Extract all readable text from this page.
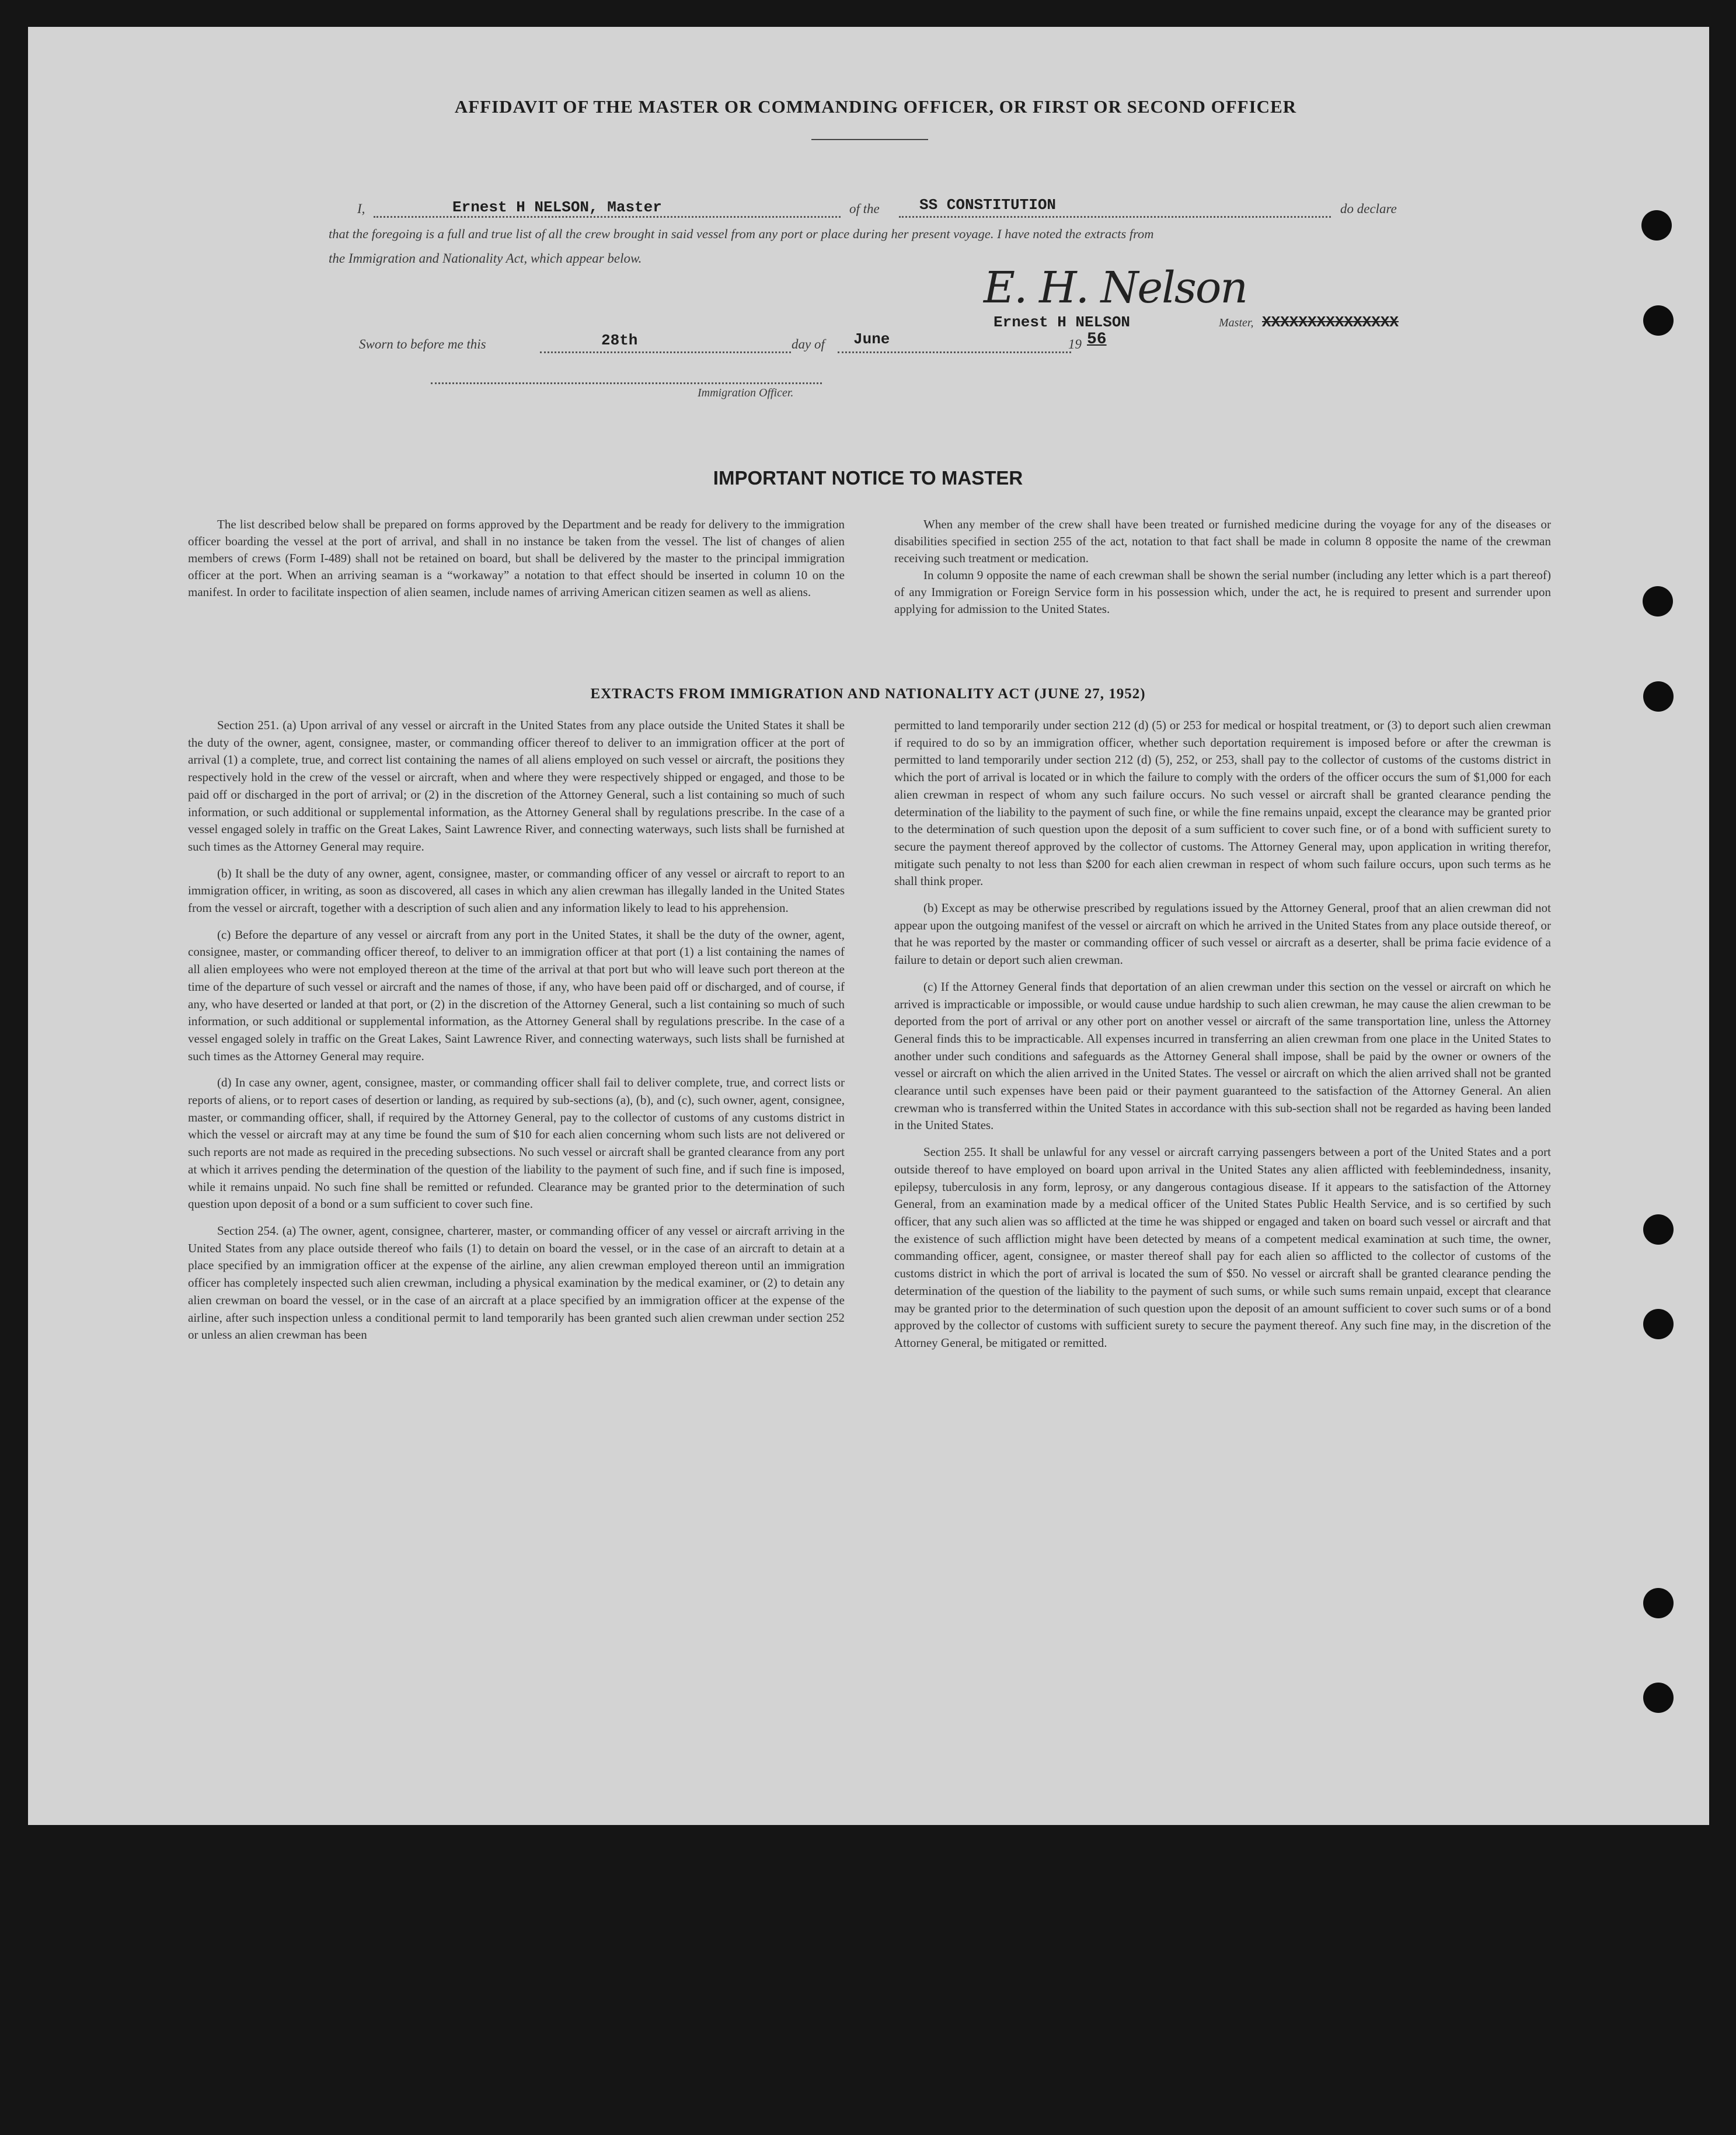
AFFIDAVIT OF THE MASTER OR COMMANDING OFFICER, OR FIRST OR SECOND OFFICER
I,	Ernest H NELSON, Master	of the	SS CONSTITUTION	do declare
that the foregoing is a full and true list of all the crew brought in said vessel from any port or place during her present voyage. I have noted the extracts from
the Immigration and Nationality Act, which appear below.
E. H. Nelson
Ernest H NELSON	Master, XXXXXXXXXXXXXXX
Sworn to before me this	28th	day of June	19 56
Immigration Officer.
IMPORTANT NOTICE TO MASTER

The list described below shall be prepared on forms approved by the Department and be ready for delivery to the immigration officer boarding the vessel at the port of arrival, and shall in no instance be taken from the vessel. The list of changes of alien members of crews (Form I-489) shall not be retained on board, but shall be delivered by the master to the principal immigration officer at the port. When an arriving seaman is a “workaway” a notation to that effect should be inserted in column 10 on the manifest. In order to facilitate inspection of alien seamen, include names of arriving American citizen seamen as well as aliens.

When any member of the crew shall have been treated or furnished medicine during the voyage for any of the diseases or disabilities specified in section 255 of the act, notation to that fact shall be made in column 8 opposite the name of the crewman receiving such treatment or medication.

In column 9 opposite the name of each crewman shall be shown the serial number (including any letter which is a part thereof) of any Immigration or Foreign Service form in his possession which, under the act, he is required to present and surrender upon applying for admission to the United States.

EXTRACTS FROM IMMIGRATION AND NATIONALITY ACT (JUNE 27, 1952)

Section 251. (a) Upon arrival of any vessel or aircraft in the United States from any place outside the United States it shall be the duty of the owner, agent, consignee, master, or commanding officer thereof to deliver to an immigration officer at the port of arrival (1) a complete, true, and correct list containing the names of all aliens employed on such vessel or aircraft, the positions they respectively hold in the crew of the vessel or aircraft, when and where they were respectively shipped or engaged, and those to be paid off or discharged in the port of arrival; or (2) in the discretion of the Attorney General, such a list containing so much of such information, or such additional or supplemental information, as the Attorney General shall by regulations prescribe. In the case of a vessel engaged solely in traffic on the Great Lakes, Saint Lawrence River, and connecting waterways, such lists shall be furnished at such times as the Attorney General may require.

(b) It shall be the duty of any owner, agent, consignee, master, or commanding officer of any vessel or aircraft to report to an immigration officer, in writing, as soon as discovered, all cases in which any alien crewman has illegally landed in the United States from the vessel or aircraft, together with a description of such alien and any information likely to lead to his apprehension.

(c) Before the departure of any vessel or aircraft from any port in the United States, it shall be the duty of the owner, agent, consignee, master, or commanding officer thereof, to deliver to an immigration officer at that port (1) a list containing the names of all alien employees who were not employed thereon at the time of the arrival at that port but who will leave such port thereon at the time of the departure of such vessel or aircraft and the names of those, if any, who have been paid off or discharged, and of course, if any, who have deserted or landed at that port, or (2) in the discretion of the Attorney General, such a list containing so much of such information, or such additional or supplemental information, as the Attorney General shall by regulations prescribe. In the case of a vessel engaged solely in traffic on the Great Lakes, Saint Lawrence River, and connecting waterways, such lists shall be furnished at such times as the Attorney General may require.

(d) In case any owner, agent, consignee, master, or commanding officer shall fail to deliver complete, true, and correct lists or reports of aliens, or to report cases of desertion or landing, as required by sub-sections (a), (b), and (c), such owner, agent, consignee, master, or commanding officer, shall, if required by the Attorney General, pay to the collector of customs of any customs district in which the vessel or aircraft may at any time be found the sum of $10 for each alien concerning whom such lists are not delivered or such reports are not made as required in the preceding subsections. No such vessel or aircraft shall be granted clearance from any port at which it arrives pending the determination of the question of the liability to the payment of such fine, and if such fine is imposed, while it remains unpaid. No such fine shall be remitted or refunded. Clearance may be granted prior to the determination of such question upon deposit of a bond or a sum sufficient to cover such fine.

Section 254. (a) The owner, agent, consignee, charterer, master, or commanding officer of any vessel or aircraft arriving in the United States from any place outside thereof who fails (1) to detain on board the vessel, or in the case of an aircraft to detain at a place specified by an immigration officer at the expense of the airline, any alien crewman employed thereon until an immigration officer has completely inspected such alien crewman, including a physical examination by the medical examiner, or (2) to detain any alien crewman on board the vessel, or in the case of an aircraft at a place specified by an immigration officer at the expense of the airline, after such inspection unless a conditional permit to land temporarily has been granted such alien crewman under section 252 or unless an alien crewman has been

permitted to land temporarily under section 212 (d) (5) or 253 for medical or hospital treatment, or (3) to deport such alien crewman if required to do so by an immigration officer, whether such deportation requirement is imposed before or after the crewman is permitted to land temporarily under section 212 (d) (5), 252, or 253, shall pay to the collector of customs of the customs district in which the port of arrival is located or in which the failure to comply with the orders of the officer occurs the sum of $1,000 for each alien crewman in respect of whom any such failure occurs. No such vessel or aircraft shall be granted clearance pending the determination of the liability to the payment of such fine, or while the fine remains unpaid, except the clearance may be granted prior to the determination of such question upon the deposit of a sum sufficient to cover such fine, or of a bond with sufficient surety to secure the payment thereof approved by the collector of customs. The Attorney General may, upon application in writing therefor, mitigate such penalty to not less than $200 for each alien crewman in respect of whom such failure occurs, upon such terms as he shall think proper.

(b) Except as may be otherwise prescribed by regulations issued by the Attorney General, proof that an alien crewman did not appear upon the outgoing manifest of the vessel or aircraft on which he arrived in the United States from any place outside thereof, or that he was reported by the master or commanding officer of such vessel or aircraft as a deserter, shall be prima facie evidence of a failure to detain or deport such alien crewman.

(c) If the Attorney General finds that deportation of an alien crewman under this section on the vessel or aircraft on which he arrived is impracticable or impossible, or would cause undue hardship to such alien crewman, he may cause the alien crewman to be deported from the port of arrival or any other port on another vessel or aircraft of the same transportation line, unless the Attorney General finds this to be impracticable. All expenses incurred in transferring an alien crewman from one place in the United States to another under such conditions and safeguards as the Attorney General shall impose, shall be paid by the owner or owners of the vessel or aircraft on which the alien arrived in the United States. The vessel or aircraft on which the alien arrived shall not be granted clearance until such expenses have been paid or their payment guaranteed to the satisfaction of the Attorney General. An alien crewman who is transferred within the United States in accordance with this sub-section shall not be regarded as having been landed in the United States.

Section 255. It shall be unlawful for any vessel or aircraft carrying passengers between a port of the United States and a port outside thereof to have employed on board upon arrival in the United States any alien afflicted with feeblemindedness, insanity, epilepsy, tuberculosis in any form, leprosy, or any dangerous contagious disease. If it appears to the satisfaction of the Attorney General, from an examination made by a medical officer of the United States Public Health Service, and is so certified by such officer, that any such alien was so afflicted at the time he was shipped or engaged and taken on board such vessel or aircraft and that the existence of such affliction might have been detected by means of a competent medical examination at such time, the owner, commanding officer, agent, consignee, or master thereof shall pay for each alien so afflicted to the collector of customs of the customs district in which the port of arrival is located the sum of $50. No vessel or aircraft shall be granted clearance pending the determination of the question of the liability to the payment of such sums, or while such sums remain unpaid, except that clearance may be granted prior to the determination of such question upon the deposit of an amount sufficient to cover such sums or of a bond approved by the collector of customs with sufficient surety to secure the payment thereof. Any such fine may, in the discretion of the Attorney General, be mitigated or remitted.
